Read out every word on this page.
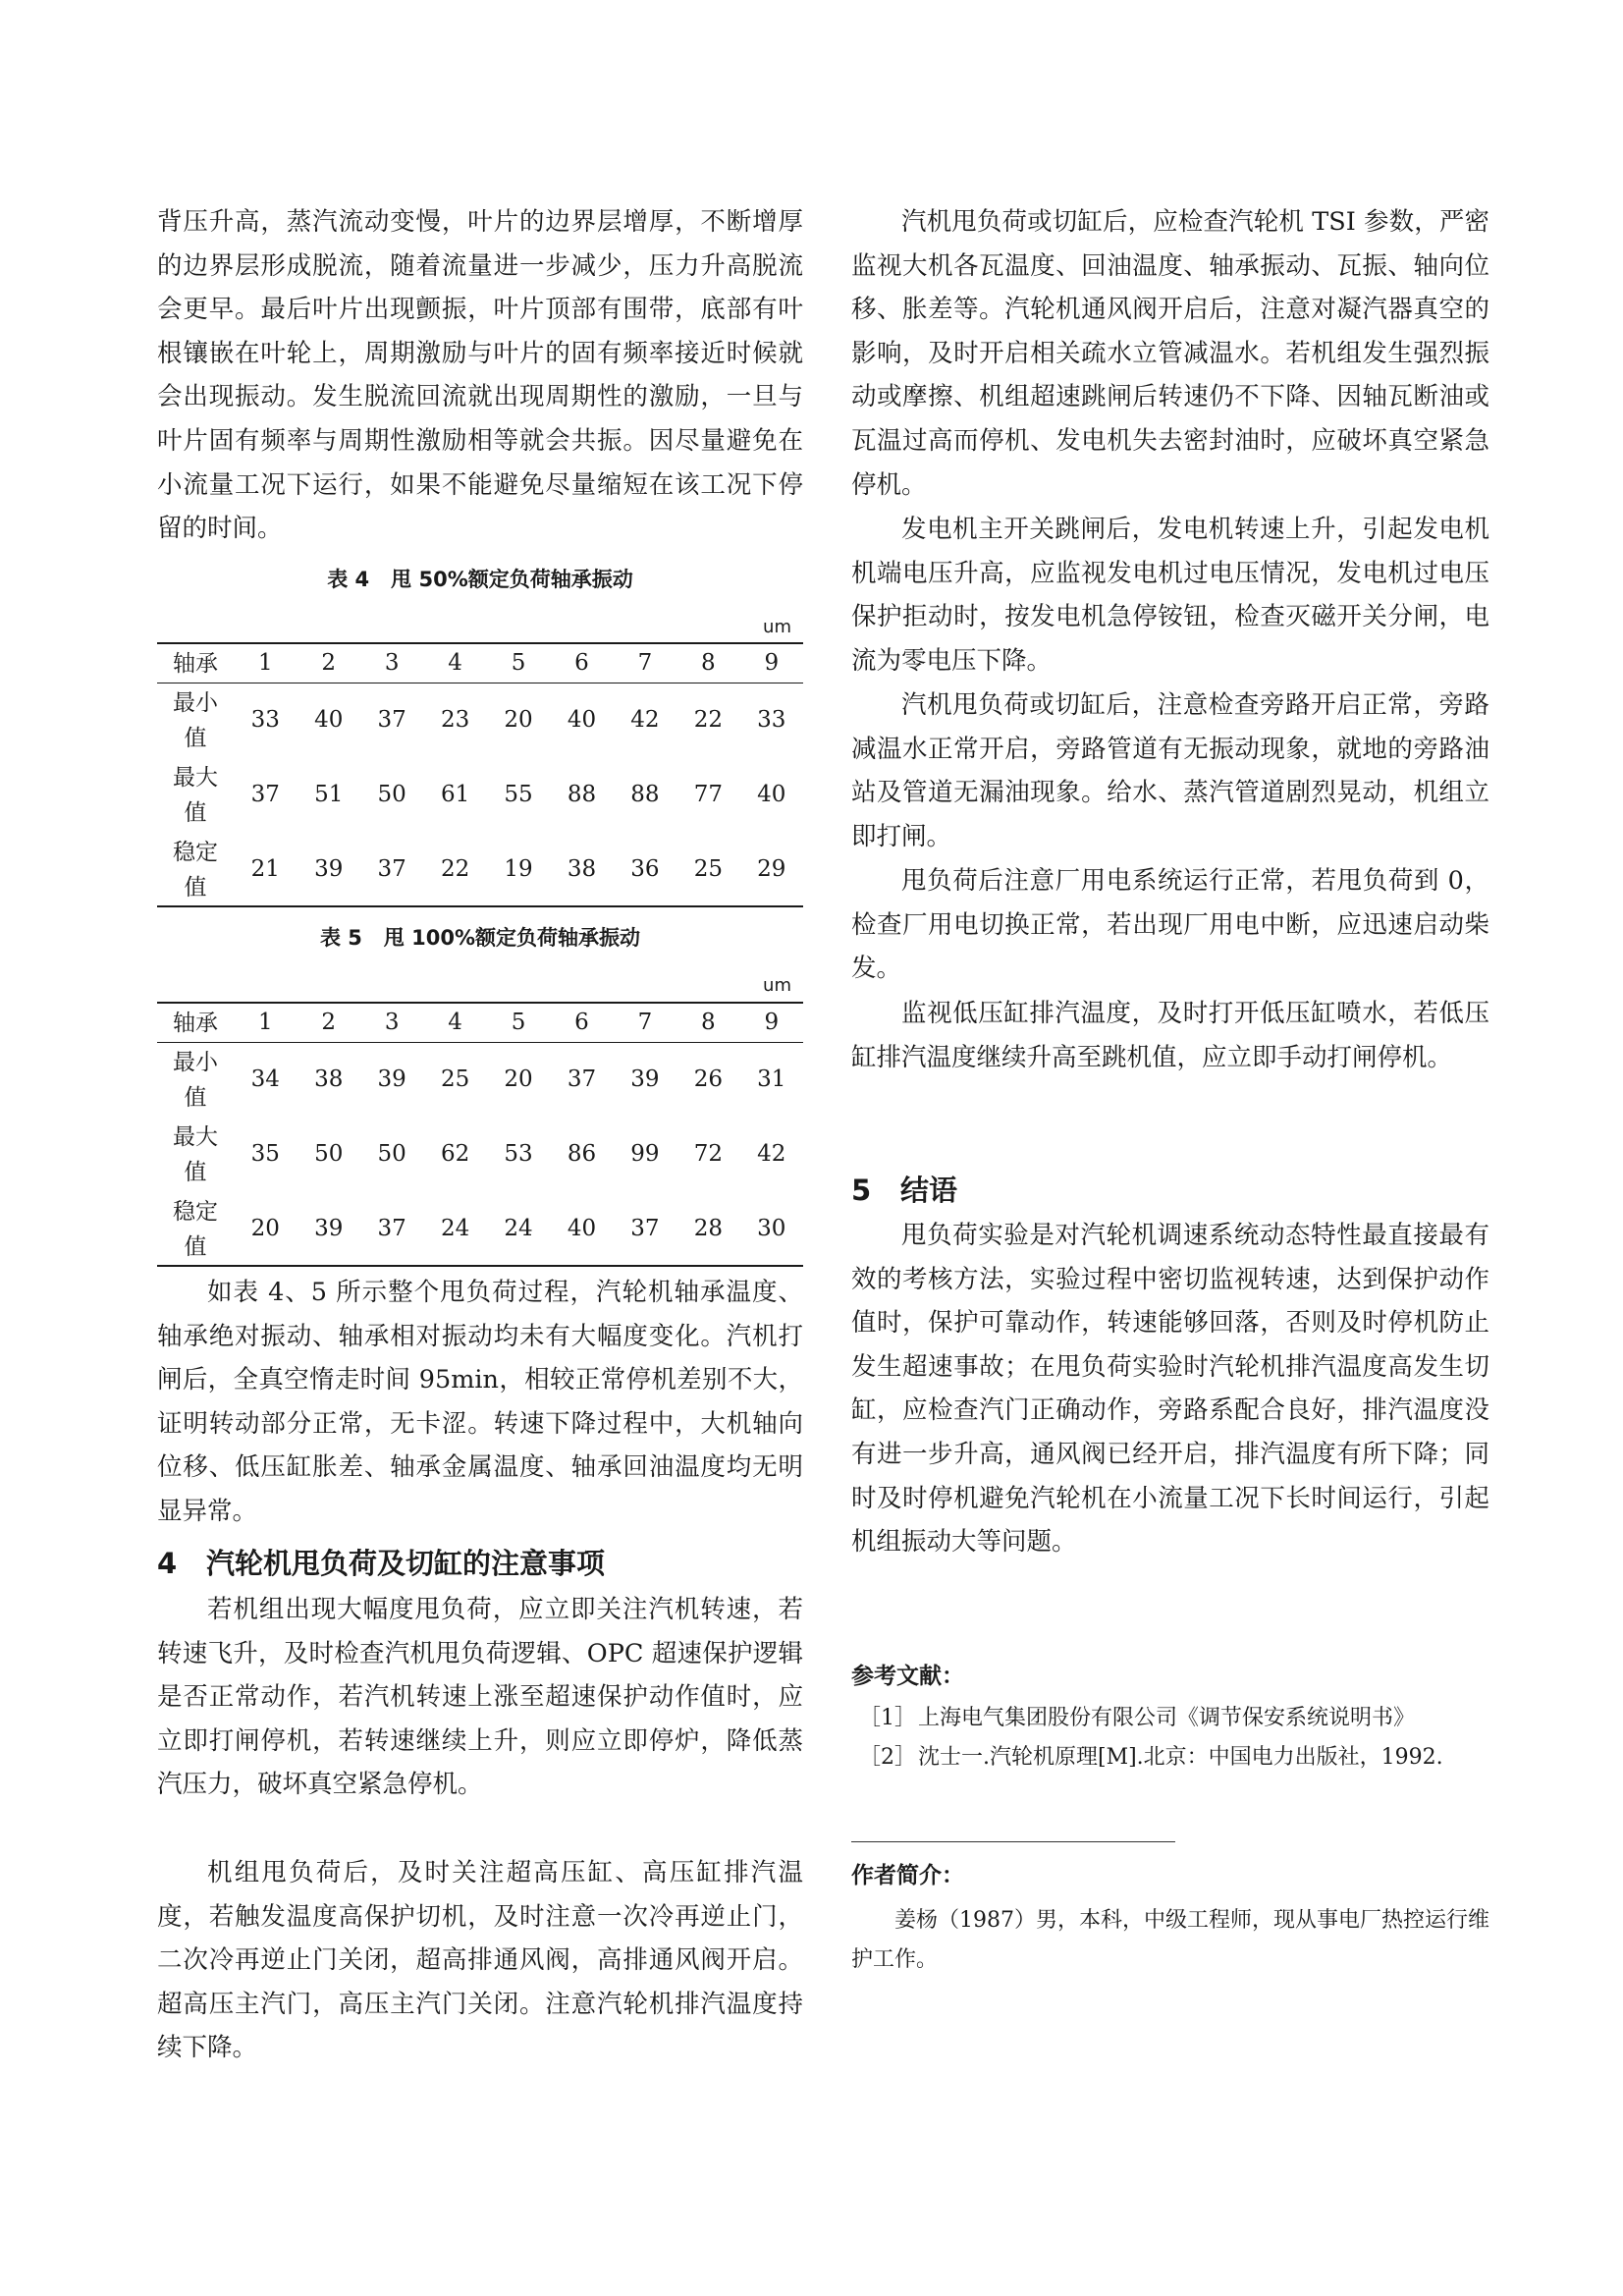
背压升高，蒸汽流动变慢，叶片的边界层增厚，不断增厚的边界层形成脱流，随着流量进一步减少，压力升高脱流会更早。最后叶片出现颤振，叶片顶部有围带，底部有叶根镶嵌在叶轮上，周期激励与叶片的固有频率接近时候就会出现振动。发生脱流回流就出现周期性的激励，一旦与叶片固有频率与周期性激励相等就会共振。因尽量避免在小流量工况下运行，如果不能避免尽量缩短在该工况下停留的时间。

表 4 甩 50%额定负荷轴承振动
um
轴承	1	2	3	4	5	6	7	8	9

最小
值	33	40	37	23	20	40	42	22	33

最大
值	37	51	50	61	55	88	88	77	40

稳定
值	21	39	37	22	19	38	36	25	29
表 5 甩 100%额定负荷轴承振动
um
轴承	1	2	3	4	5	6	7	8	9

最小
值	34	38	39	25	20	37	39	26	31

最大
值	35	50	50	62	53	86	99	72	42

稳定
值	20	39	37	24	24	40	37	28	30

如表 4、5 所示整个甩负荷过程，汽轮机轴承温度、轴承绝对振动、轴承相对振动均未有大幅度变化。汽机打闸后，全真空惰走时间 95min，相较正常停机差别不大，证明转动部分正常，无卡涩。转速下降过程中，大机轴向位移、低压缸胀差、轴承金属温度、轴承回油温度均无明显异常。

4 汽轮机甩负荷及切缸的注意事项

若机组出现大幅度甩负荷，应立即关注汽机转速，若转速飞升，及时检查汽机甩负荷逻辑、OPC 超速保护逻辑是否正常动作，若汽机转速上涨至超速保护动作值时，应立即打闸停机，若转速继续上升，则应立即停炉，降低蒸汽压力，破坏真空紧急停机。

机组甩负荷后，及时关注超高压缸、高压缸排汽温度，若触发温度高保护切机，及时注意一次冷再逆止门，二次冷再逆止门关闭，超高排通风阀，高排通风阀开启。超高压主汽门，高压主汽门关闭。注意汽轮机排汽温度持续下降。

汽机甩负荷或切缸后，应检查汽轮机 TSI 参数，严密监视大机各瓦温度、回油温度、轴承振动、瓦振、轴向位移、胀差等。汽轮机通风阀开启后，注意对凝汽器真空的影响，及时开启相关疏水立管减温水。若机组发生强烈振动或摩擦、机组超速跳闸后转速仍不下降、因轴瓦断油或瓦温过高而停机、发电机失去密封油时，应破坏真空紧急停机。

发电机主开关跳闸后，发电机转速上升，引起发电机机端电压升高，应监视发电机过电压情况，发电机过电压保护拒动时，按发电机急停铵钮，检查灭磁开关分闸，电流为零电压下降。

汽机甩负荷或切缸后，注意检查旁路开启正常，旁路减温水正常开启，旁路管道有无振动现象，就地的旁路油站及管道无漏油现象。给水、蒸汽管道剧烈晃动，机组立即打闸。

甩负荷后注意厂用电系统运行正常，若甩负荷到 0，检查厂用电切换正常，若出现厂用电中断，应迅速启动柴发。

监视低压缸排汽温度，及时打开低压缸喷水，若低压缸排汽温度继续升高至跳机值，应立即手动打闸停机。

5 结语

甩负荷实验是对汽轮机调速系统动态特性最直接最有效的考核方法，实验过程中密切监视转速，达到保护动作值时，保护可靠动作，转速能够回落，否则及时停机防止发生超速事故；在甩负荷实验时汽轮机排汽温度高发生切缸，应检查汽门正确动作，旁路系配合良好，排汽温度没有进一步升高，通风阀已经开启，排汽温度有所下降；同时及时停机避免汽轮机在小流量工况下长时间运行，引起机组振动大等问题。

参考文献：
［1］ 上海电气集团股份有限公司《调节保安系统说明书》
［2］ 沈士一.汽轮机原理[M].北京：中国电力出版社，1992.
作者简介：

姜杨（1987）男，本科，中级工程师，现从事电厂热控运行维护工作。
